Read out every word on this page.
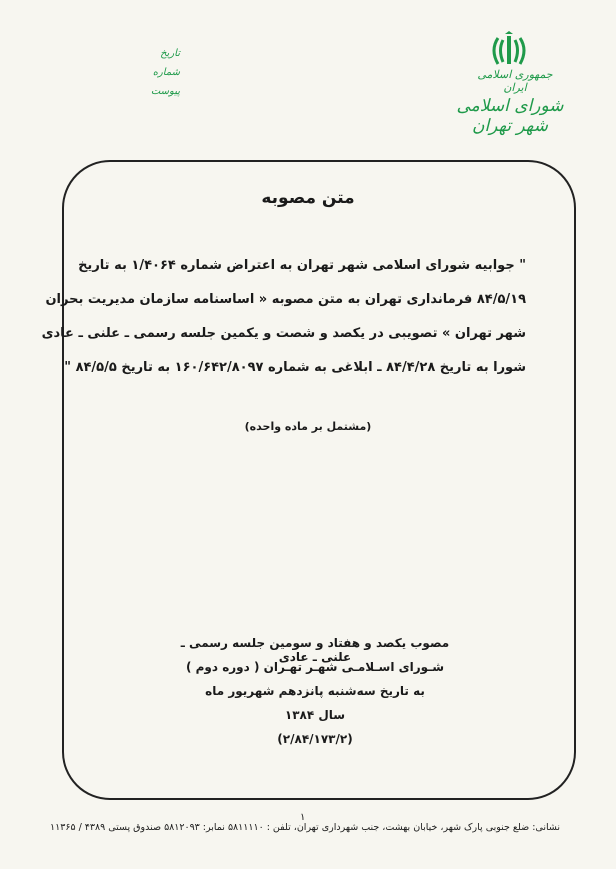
جمهوری اسلامی ایران
شورای اسلامی شهر تهران
تاریخ
شماره
پیوست
متن مصوبه
" جوابیه شورای اسلامی شهر تهران به اعتراض شماره ۱/۴۰۶۴ به تاریخ
۸۴/۵/۱۹ فرمانداری تهران به متن مصوبه « اساسنامه سازمان مدیریت بحران
شهر تهران » تصویبی در یکصد و شصت و یکمین جلسه رسمی ـ علنی ـ عادی
شورا به تاریخ ۸۴/۴/۲۸ ـ ابلاغی به شماره ۱۶۰/۶۴۲/۸۰۹۷ به تاریخ ۸۴/۵/۵ "
(مشتمل بر ماده واحده)
مصوب یکصد و هفتاد و سومین جلسه رسمی ـ علنی ـ عادی
شـورای اسـلامـی شهـر تهـران ( دوره دوم )
به تاریخ سه‌شنبه پانزدهم شهریور ماه
سال ۱۳۸۴
(۲/۸۴/۱۷۳/۲)
۱
نشانی: ضلع جنوبی پارک شهر، خیابان بهشت، جنب شهرداری تهران، تلفن : ۵۸۱۱۱۱۰ نمابر: ۵۸۱۲۰۹۳ صندوق پستی ۴۳۸۹ / ۱۱۳۶۵
